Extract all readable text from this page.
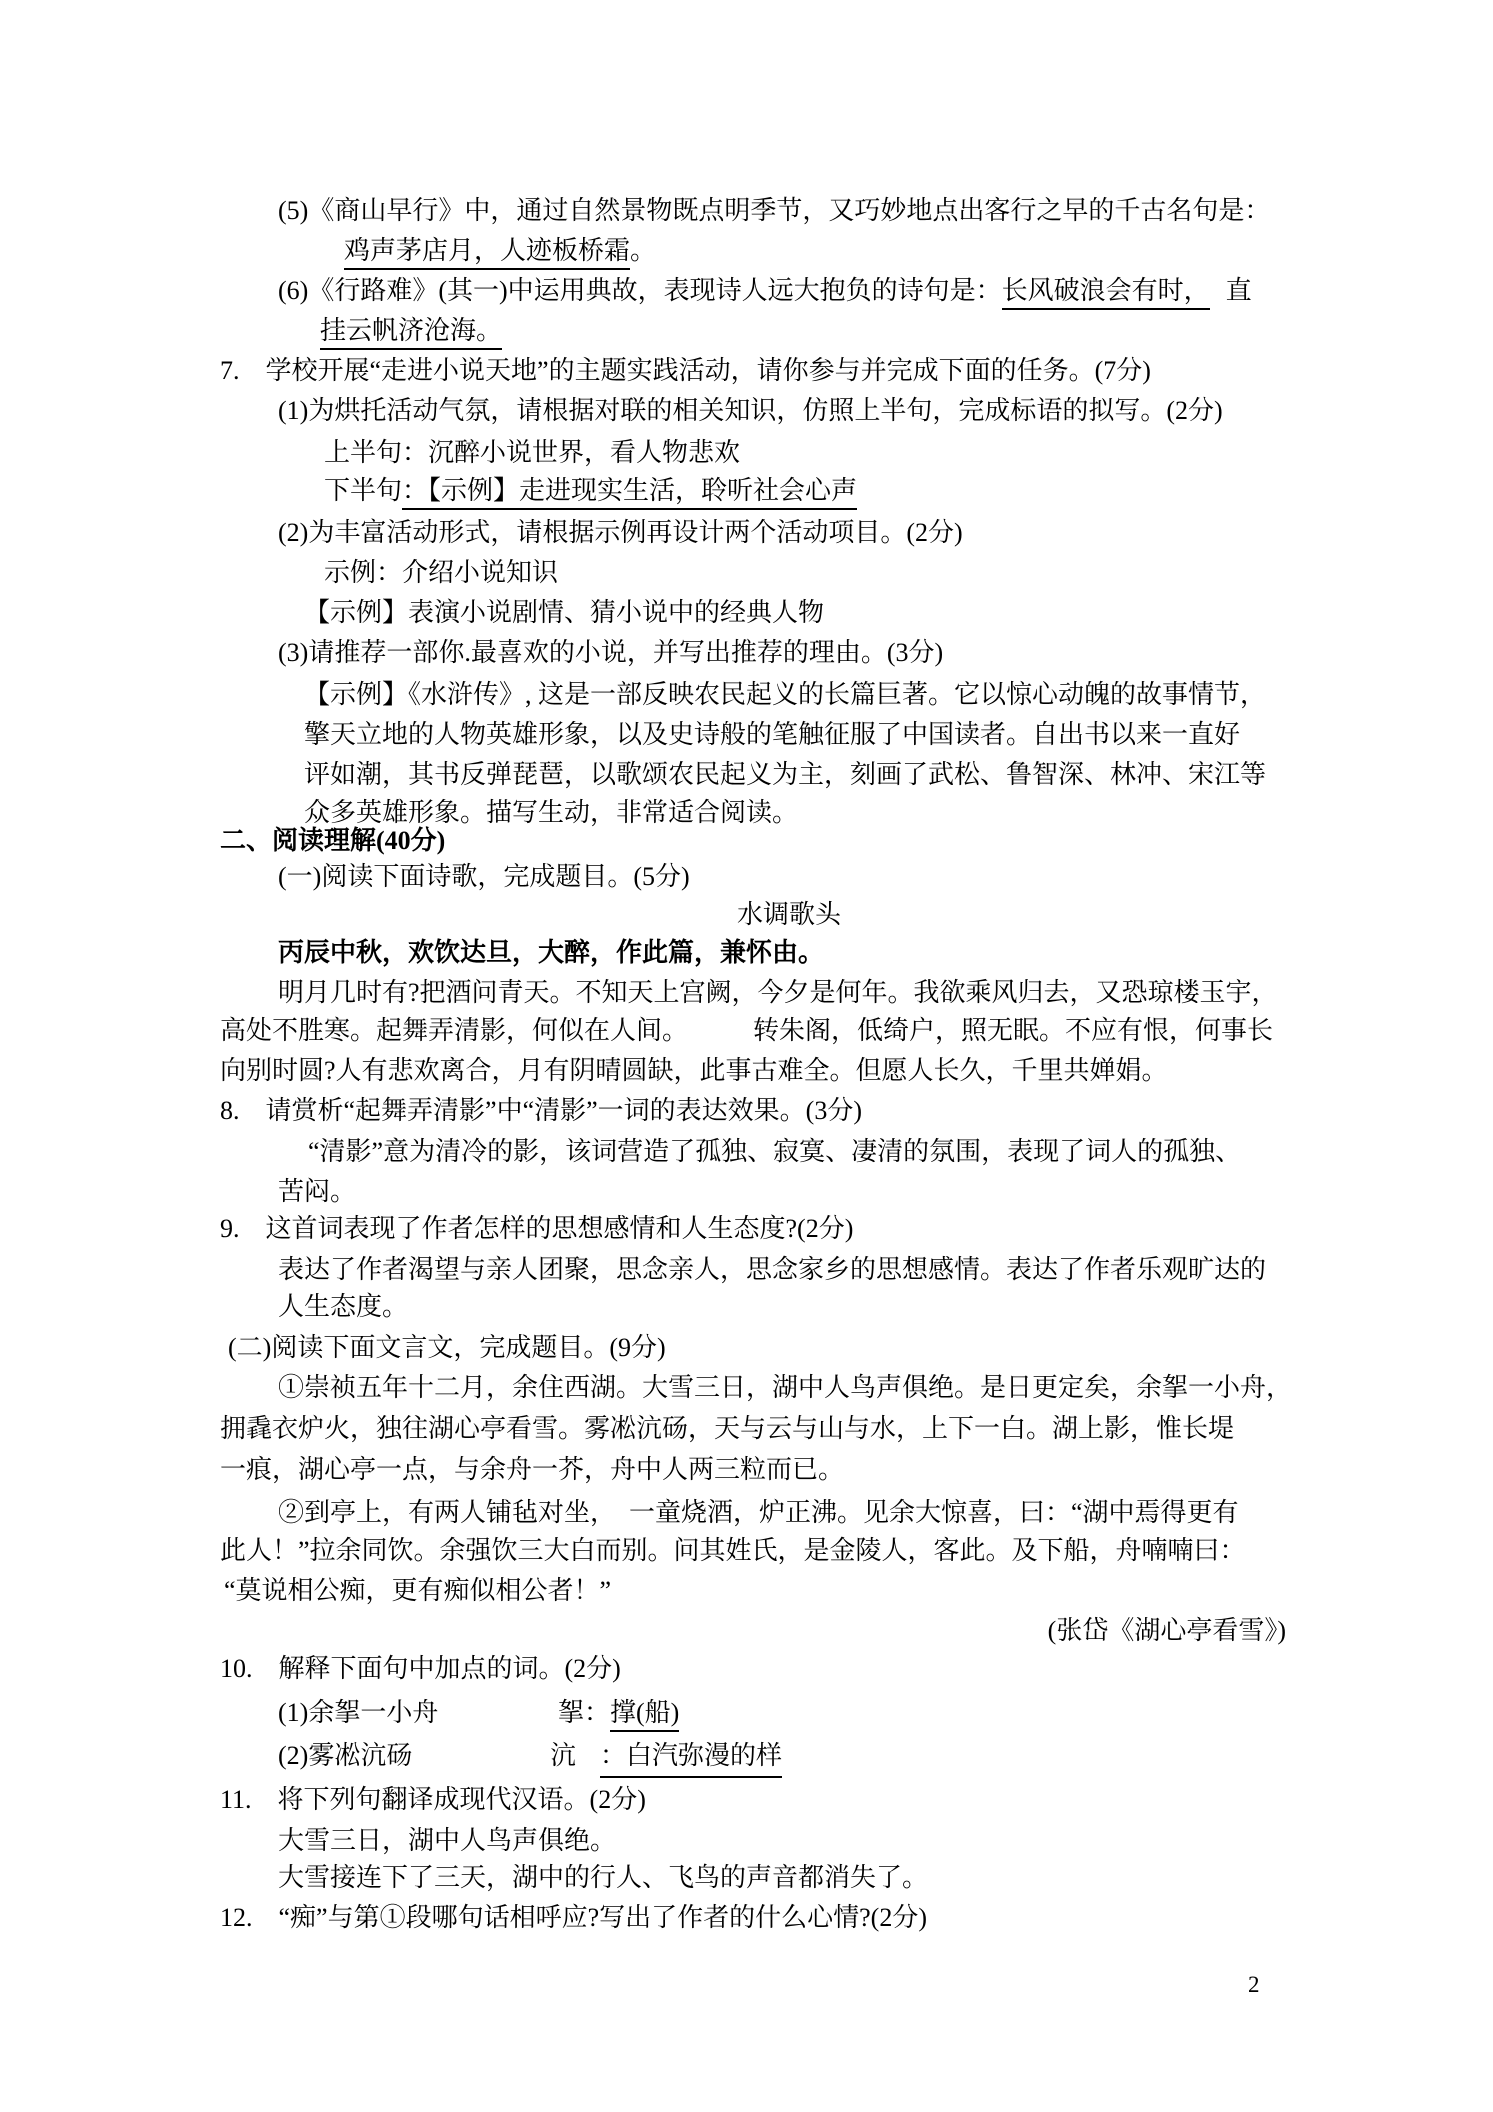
(5)《商山早行》中，通过自然景物既点明季节，又巧妙地点出客行之早的千古名句是：
鸡声茅店月，人迹板桥霜。
(6)《行路难》(其一)中运用典故，表现诗人远大抱负的诗句是：长风破浪会有时， 直
挂云帆济沧海。
7.　学校开展“走进小说天地”的主题实践活动，请你参与并完成下面的任务。(7分)
(1)为烘托活动气氛，请根据对联的相关知识，仿照上半句，完成标语的拟写。(2分)
上半句：沉醉小说世界，看人物悲欢
下半句：【示例】走进现实生活，聆听社会心声
(2)为丰富活动形式，请根据示例再设计两个活动项目。(2分)
示例：介绍小说知识
【示例】表演小说剧情、猜小说中的经典人物
(3)请推荐一部你.最喜欢的小说，并写出推荐的理由。(3分)
【示例】《水浒传》, 这是一部反映农民起义的长篇巨著。它以惊心动魄的故事情节，
擎天立地的人物英雄形象，以及史诗般的笔触征服了中国读者。自出书以来一直好
评如潮，其书反弹琵琶，以歌颂农民起义为主，刻画了武松、鲁智深、林冲、宋江等
众多英雄形象。描写生动，非常适合阅读。
二、阅读理解(40分)
(一)阅读下面诗歌，完成题目。(5分)
水调歌头
丙辰中秋，欢饮达旦，大醉，作此篇，兼怀由。
明月几时有?把酒问青天。不知天上宫阙，今夕是何年。我欲乘风归去，又恐琼楼玉宇，
高处不胜寒。起舞弄清影，何似在人间。　　　转朱阁，低绮户，照无眠。不应有恨，何事长
向别时圆?人有悲欢离合，月有阴晴圆缺，此事古难全。但愿人长久，千里共婵娟。
8.　请赏析“起舞弄清影”中“清影”一词的表达效果。(3分)
“清影”意为清冷的影，该词营造了孤独、寂寞、凄清的氛围，表现了词人的孤独、
苦闷。
9.　这首词表现了作者怎样的思想感情和人生态度?(2分)
表达了作者渴望与亲人团聚，思念亲人，思念家乡的思想感情。表达了作者乐观旷达的
人生态度。
(二)阅读下面文言文，完成题目。(9分)
①崇祯五年十二月，余住西湖。大雪三日，湖中人鸟声俱绝。是日更定矣，余挐一小舟，
拥毳衣炉火，独往湖心亭看雪。雾凇沆砀，天与云与山与水，上下一白。湖上影，惟长堤
一痕，湖心亭一点，与余舟一芥，舟中人两三粒而已。
②到亭上，有两人铺毡对坐，　一童烧酒，炉正沸。见余大惊喜，曰：“湖中焉得更有
此人！”拉余同饮。余强饮三大白而别。问其姓氏，是金陵人，客此。及下船，舟喃喃曰：
“莫说相公痴，更有痴似相公者！”
(张岱《湖心亭看雪》)
10.　解释下面句中加点的词。(2分)
(1)余挐一小舟	挐：撑(船)
(2)雾凇沆砀	沆 ：白汽弥漫的样
11.　将下列句翻译成现代汉语。(2分)
大雪三日，湖中人鸟声俱绝。
大雪接连下了三天，湖中的行人、飞鸟的声音都消失了。
12.　“痴”与第①段哪句话相呼应?写出了作者的什么心情?(2分)
2
